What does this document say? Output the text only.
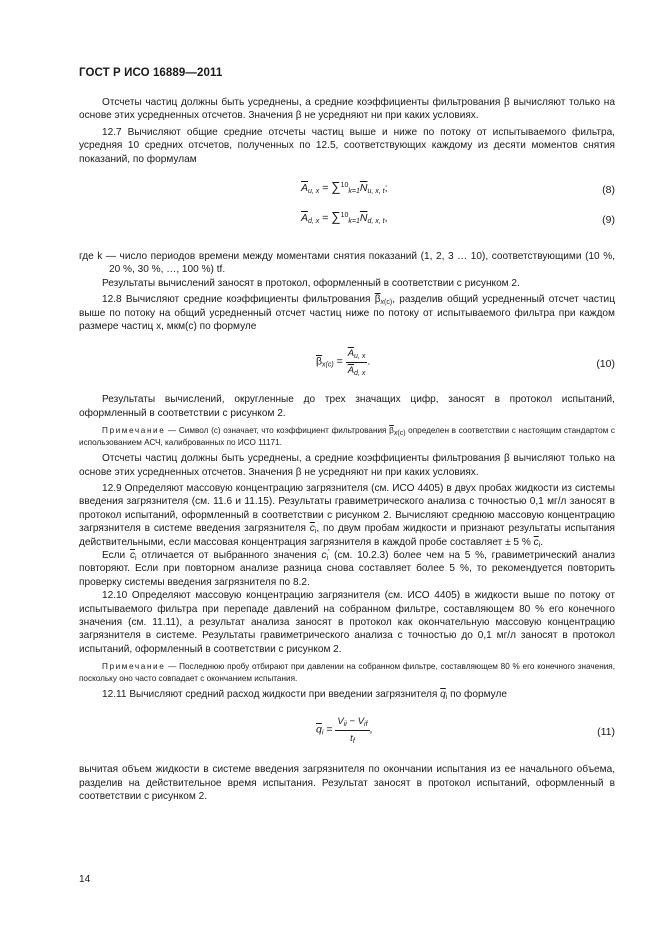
ГОСТ Р ИСО 16889—2011

Отсчеты частиц должны быть усреднены, а средние коэффициенты фильтрования β вычисляют только на основе этих усредненных отсчетов. Значения β не усредняют ни при каких условиях.

12.7 Вычисляют общие средние отсчеты частиц выше и ниже по потоку от испытываемого фильтра, усредняя 10 средних отсчетов, полученных по 12.5, соответствующих каждому из десяти моментов снятия показаний, по формулам

$\overline{A}_{u, x} = \sum^{10}_{k=1}\overline{N}_{u, x, t}$;	(8)
$\overline{A}_{d, x} = \sum^{10}_{k=1}\overline{N}_{d, x, t}$,	(9)

где k — число периодов времени между моментами снятия показаний (1, 2, 3 … 10), соответствующими (10 %, 20 %, 30 %, …, 100 %) tf.

Результаты вычислений заносят в протокол, оформленный в соответствии с рисунком 2.

12.8 Вычисляют средние коэффициенты фильтрования $\overline{\beta}_{x(c)}$, разделив общий усредненный отсчет частиц выше по потоку на общий усредненный отсчет частиц ниже по потоку от испытываемого фильтра при каждом размере частиц x, мкм(с) по формуле

$\overline{\beta}_{x(c)} = \frac{\overline{A}_{u, x}}{\overline{A}_{d, x}}$ .	(10)

Результаты вычислений, округленные до трех значащих цифр, заносят в протокол испытаний, оформленный в соответствии с рисунком 2.

Примечание — Символ (с) означает, что коэффициент фильтрования $\overline{\beta}_{x(c)}$ определен в соответствии с настоящим стандартом с использованием АСЧ, калиброванных по ИСО 11171.

Отсчеты частиц должны быть усреднены, а средние коэффициенты фильтрования β вычисляют только на основе этих усредненных отсчетов. Значения β не усредняют ни при каких условиях.

12.9 Определяют массовую концентрацию загрязнителя (см. ИСО 4405) в двух пробах жидкости из системы введения загрязнителя (см. 11.6 и 11.15). Результаты гравиметрического анализа с точностью 0,1 мг/л заносят в протокол испытаний, оформленный в соответствии с рисунком 2. Вычисляют среднюю массовую концентрацию загрязнителя в системе введения загрязнителя $\overline{c}_i$, по двум пробам жидкости и признают результаты испытания действительными, если массовая концентрация загрязнителя в каждой пробе составляет ± 5 % $\overline{c}_i$.

Если $\overline{c}_i$ отличается от выбранного значения $c_i'$ (см. 10.2.3) более чем на 5 %, гравиметрический анализ повторяют. Если при повторном анализе разница снова составляет более 5 %, то рекомендуется повторить проверку системы введения загрязнителя по 8.2.

12.10 Определяют массовую концентрацию загрязнителя (см. ИСО 4405) в жидкости выше по потоку от испытываемого фильтра при перепаде давлений на собранном фильтре, составляющем 80 % его конечного значения (см. 11.11), а результат анализа заносят в протокол как окончательную массовую концентрацию загрязнителя в системе. Результаты гравиметрического анализа с точностью до 0,1 мг/л заносят в протокол испытаний, оформленный в соответствии с рисунком 2.

Примечание — Последнюю пробу отбирают при давлении на собранном фильтре, составляющем 80 % его конечного значения, поскольку оно часто совпадает с окончанием испытания.

12.11 Вычисляют средний расход жидкости при введении загрязнителя $\overline{q}_i$ по формуле

$\overline{q}_i = \frac{V_{ii} - V_{if}}{t_f}$ ,	(11)

вычитая объем жидкости в системе введения загрязнителя по окончании испытания из ее начального объема, разделив на действительное время испытания. Результат заносят в протокол испытаний, оформленный в соответствии с рисунком 2.

14
